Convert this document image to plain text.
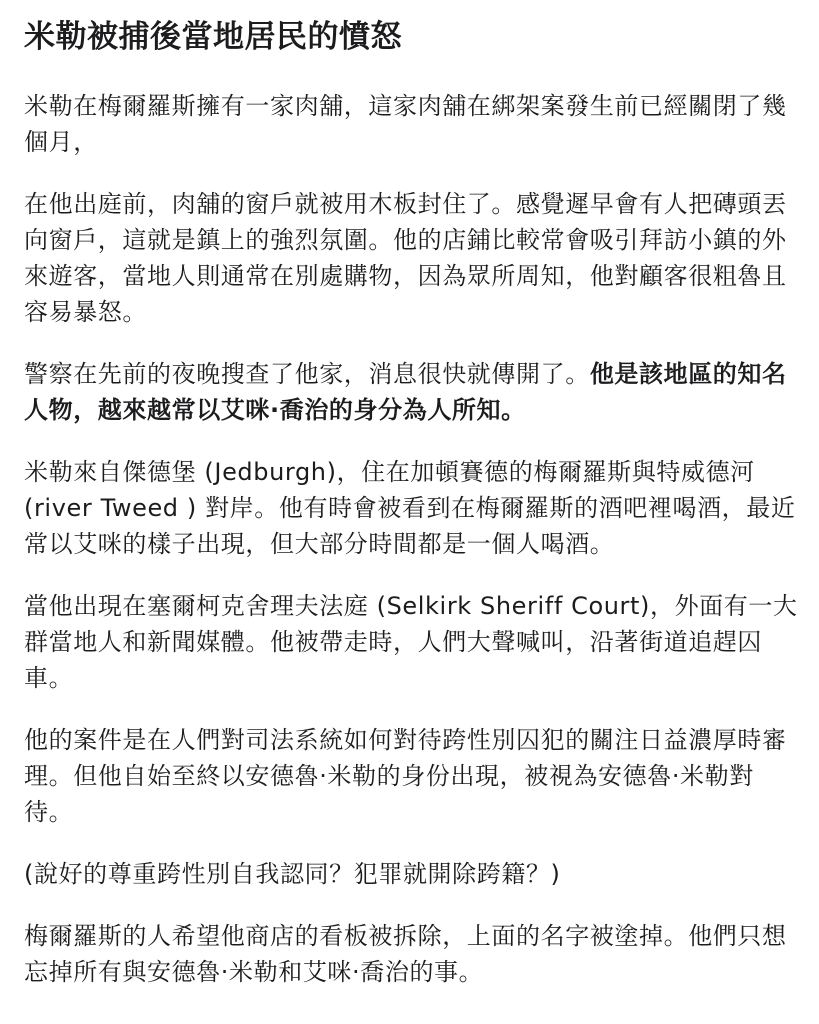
米勒被捕後當地居民的憤怒

米勒在梅爾羅斯擁有一家肉舖，這家肉舖在綁架案發生前已經關閉了幾個月，

在他出庭前，肉舖的窗戶就被用木板封住了。感覺遲早會有人把磚頭丟向窗戶，這就是鎮上的強烈氛圍。他的店鋪比較常會吸引拜訪小鎮的外來遊客，當地人則通常在別處購物，因為眾所周知，他對顧客很粗魯且容易暴怒。

警察在先前的夜晚搜查了他家，消息很快就傳開了。他是該地區的知名人物，越來越常以艾咪·喬治的身分為人所知。

米勒來自傑德堡 (Jedburgh)，住在加頓賽德的梅爾羅斯與特威德河 (river Tweed ) 對岸。他有時會被看到在梅爾羅斯的酒吧裡喝酒，最近常以艾咪的樣子出現，但大部分時間都是一個人喝酒。

當他出現在塞爾柯克舍理夫法庭 (Selkirk Sheriff Court)，外面有一大群當地人和新聞媒體。他被帶走時，人們大聲喊叫，沿著街道追趕囚車。

他的案件是在人們對司法系統如何對待跨性別囚犯的關注日益濃厚時審理。但他自始至終以安德魯·米勒的身份出現，被視為安德魯·米勒對待。

(說好的尊重跨性別自我認同？犯罪就開除跨籍？)

梅爾羅斯的人希望他商店的看板被拆除，上面的名字被塗掉。他們只想忘掉所有與安德魯·米勒和艾咪·喬治的事。
